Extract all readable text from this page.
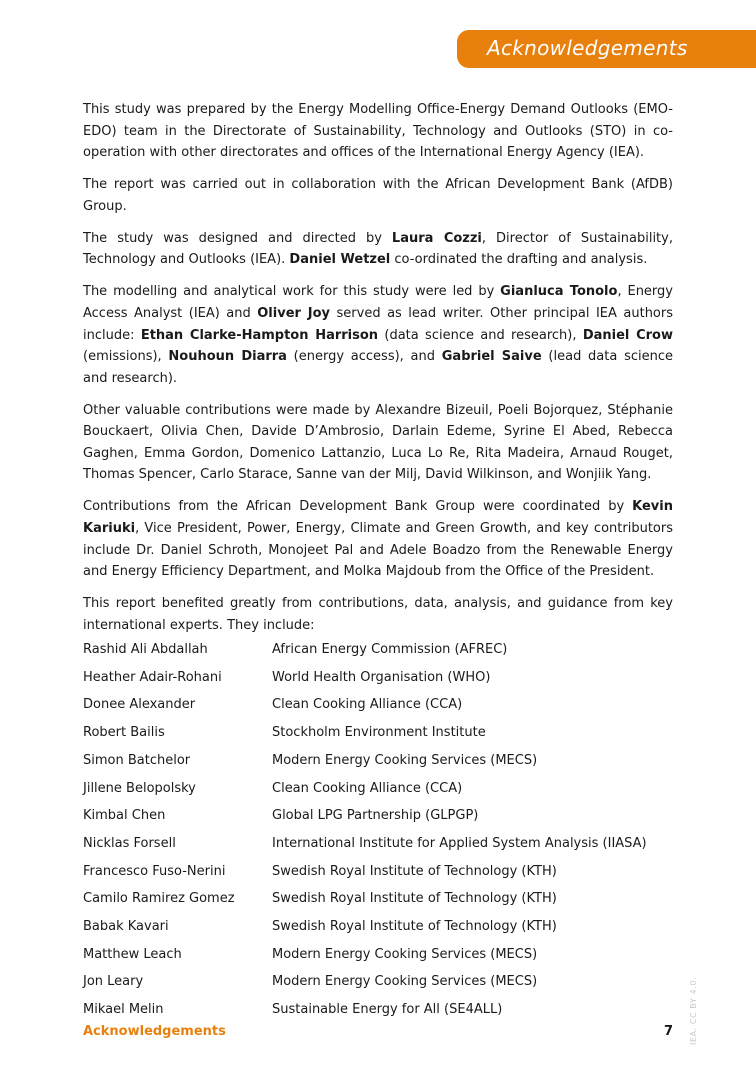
Acknowledgements

This study was prepared by the Energy Modelling Office-Energy Demand Outlooks (EMO-EDO) team in the Directorate of Sustainability, Technology and Outlooks (STO) in co-operation with other directorates and offices of the International Energy Agency (IEA).

The report was carried out in collaboration with the African Development Bank (AfDB) Group.

The study was designed and directed by Laura Cozzi, Director of Sustainability, Technology and Outlooks (IEA). Daniel Wetzel co-ordinated the drafting and analysis.

The modelling and analytical work for this study were led by Gianluca Tonolo, Energy Access Analyst (IEA) and Oliver Joy served as lead writer. Other principal IEA authors include: Ethan Clarke-Hampton Harrison (data science and research), Daniel Crow (emissions), Nouhoun Diarra (energy access), and Gabriel Saive (lead data science and research).

Other valuable contributions were made by Alexandre Bizeuil, Poeli Bojorquez, Stéphanie Bouckaert, Olivia Chen, Davide D’Ambrosio, Darlain Edeme, Syrine El Abed, Rebecca Gaghen, Emma Gordon, Domenico Lattanzio, Luca Lo Re, Rita Madeira, Arnaud Rouget, Thomas Spencer, Carlo Starace, Sanne van der Milj, David Wilkinson, and Wonjiik Yang.

Contributions from the African Development Bank Group were coordinated by Kevin Kariuki, Vice President, Power, Energy, Climate and Green Growth, and key contributors include Dr. Daniel Schroth, Monojeet Pal and Adele Boadzo from the Renewable Energy and Energy Efficiency Department, and Molka Majdoub from the Office of the President.

This report benefited greatly from contributions, data, analysis, and guidance from key international experts. They include:

Rashid Ali Abdallah	African Energy Commission (AFREC)
Heather Adair-Rohani	World Health Organisation (WHO)
Donee Alexander	Clean Cooking Alliance (CCA)
Robert Bailis	Stockholm Environment Institute
Simon Batchelor	Modern Energy Cooking Services (MECS)
Jillene Belopolsky	Clean Cooking Alliance (CCA)
Kimbal Chen	Global LPG Partnership (GLPGP)
Nicklas Forsell	International Institute for Applied System Analysis (IIASA)
Francesco Fuso-Nerini	Swedish Royal Institute of Technology (KTH)
Camilo Ramirez Gomez	Swedish Royal Institute of Technology (KTH)
Babak Kavari	Swedish Royal Institute of Technology (KTH)
Matthew Leach	Modern Energy Cooking Services (MECS)
Jon Leary	Modern Energy Cooking Services (MECS)
Mikael Melin	Sustainable Energy for All (SE4ALL)
Acknowledgements	7 IEA. CC BY 4.0.
